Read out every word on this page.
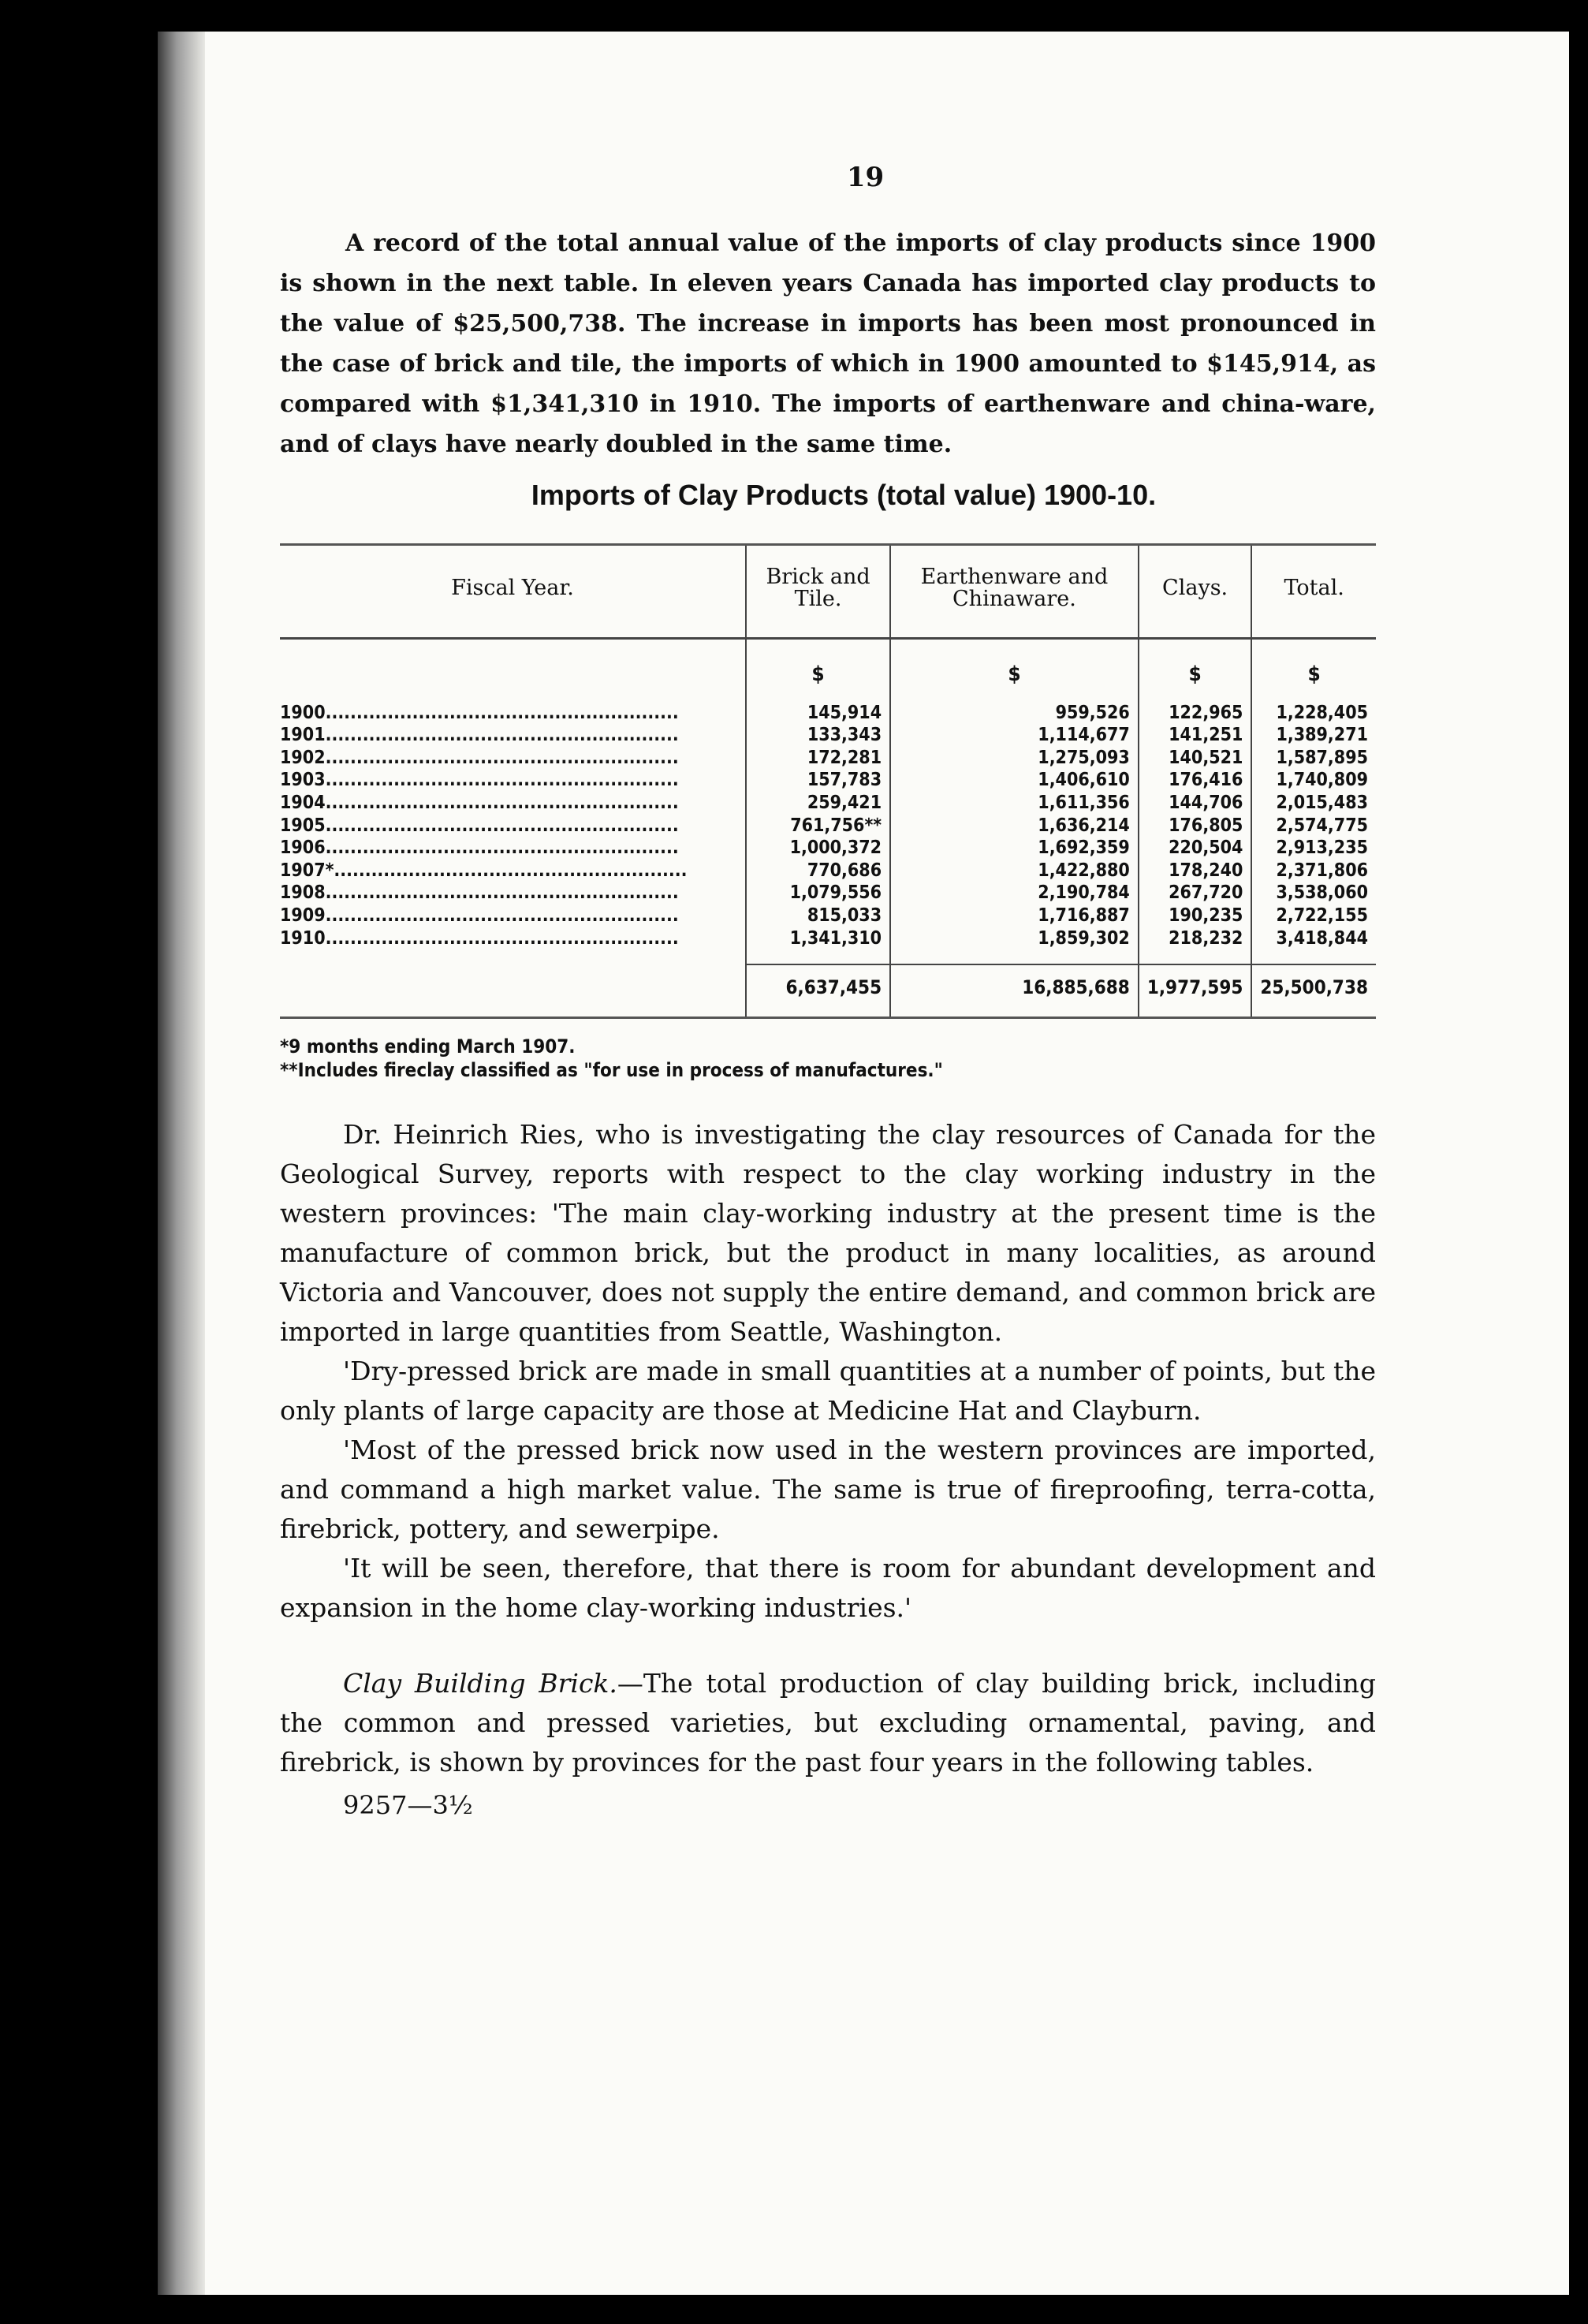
19

A record of the total annual value of the imports of clay products since 1900 is shown in the next table. In eleven years Canada has imported clay products to the value of $25,500,738. The increase in imports has been most pronounced in the case of brick and tile, the imports of which in 1900 amounted to $145,914, as compared with $1,341,310 in 1910. The imports of earthenware and china-ware, and of clays have nearly doubled in the same time.

Imports of Clay Products (total value) 1900-10.
Fiscal Year.	Brick and Tile.	Earthenware and Chinaware.	Clays.	Total.
	$	$	$	$
1900.........................................................	145,914	959,526	122,965	1,228,405
1901.........................................................	133,343	1,114,677	141,251	1,389,271
1902.........................................................	172,281	1,275,093	140,521	1,587,895
1903.........................................................	157,783	1,406,610	176,416	1,740,809
1904.........................................................	259,421	1,611,356	144,706	2,015,483
1905.........................................................	761,756**	1,636,214	176,805	2,574,775
1906.........................................................	1,000,372	1,692,359	220,504	2,913,235
1907*.........................................................	770,686	1,422,880	178,240	2,371,806
1908.........................................................	1,079,556	2,190,784	267,720	3,538,060
1909.........................................................	815,033	1,716,887	190,235	2,722,155
1910.........................................................	1,341,310	1,859,302	218,232	3,418,844
	6,637,455	16,885,688	1,977,595	25,500,738
*9 months ending March 1907.
**Includes fireclay classified as "for use in process of manufactures."

Dr. Heinrich Ries, who is investigating the clay resources of Canada for the Geological Survey, reports with respect to the clay working industry in the western provinces: 'The main clay-working industry at the present time is the manufacture of common brick, but the product in many localities, as around Victoria and Vancouver, does not supply the entire demand, and common brick are imported in large quantities from Seattle, Washington.

'Dry-pressed brick are made in small quantities at a number of points, but the only plants of large capacity are those at Medicine Hat and Clayburn.

'Most of the pressed brick now used in the western provinces are imported, and command a high market value. The same is true of fireproofing, terra-cotta, firebrick, pottery, and sewerpipe.

'It will be seen, therefore, that there is room for abundant development and expansion in the home clay-working industries.'

Clay Building Brick.—The total production of clay building brick, including the common and pressed varieties, but excluding ornamental, paving, and firebrick, is shown by provinces for the past four years in the following tables.

9257—3½
